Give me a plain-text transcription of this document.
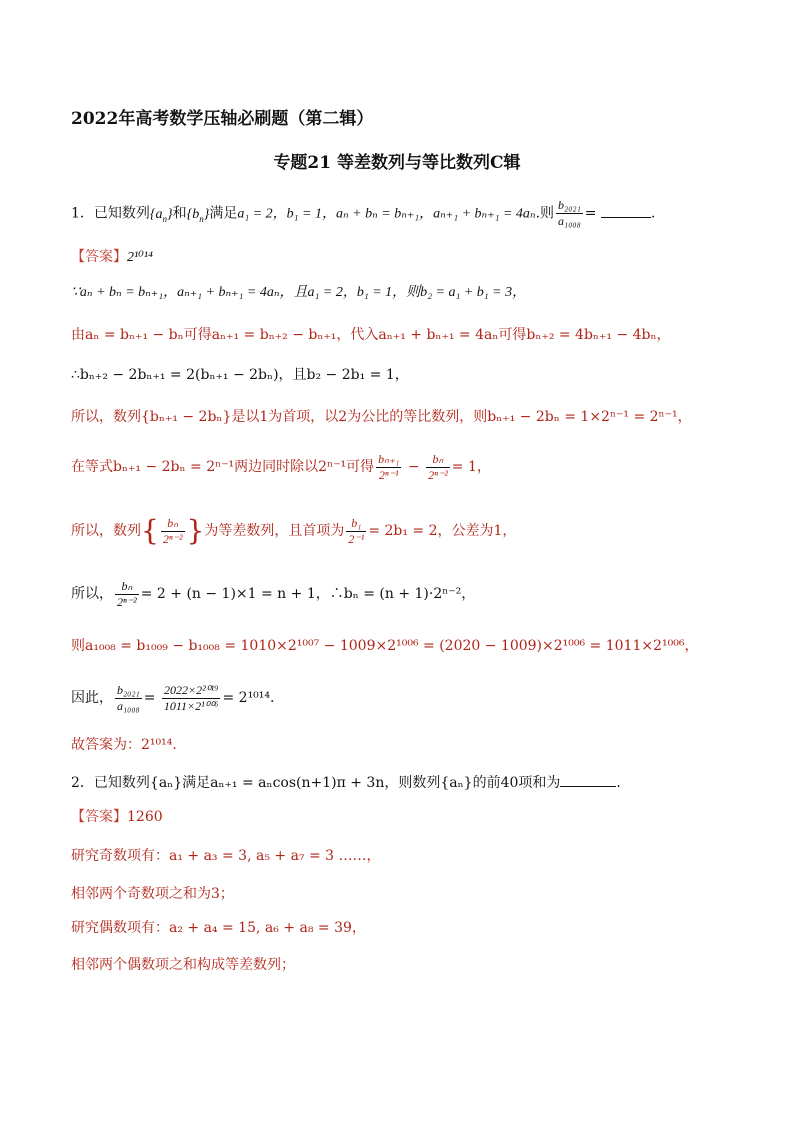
2022年高考数学压轴必刷题（第二辑）
专题21 等差数列与等比数列C辑
1．已知数列$\{a_n\}$和$\{b_n\}$满足a₁ = 2，b₁ = 1，aₙ + bₙ = bₙ₊₁，aₙ₊₁ + bₙ₊₁ = 4aₙ.则 $\frac{\text{b₂₀₂₁}}{\text{a₁₀₀₈}}$ =	.
【答案】2¹⁰¹⁴
∵aₙ + bₙ = bₙ₊₁，aₙ₊₁ + bₙ₊₁ = 4aₙ，且a₁ = 2，b₁ = 1，则b₂ = a₁ + b₁ = 3，
由aₙ = bₙ₊₁ − bₙ可得aₙ₊₁ = bₙ₊₂ − bₙ₊₁，代入aₙ₊₁ + bₙ₊₁ = 4aₙ可得bₙ₊₂ = 4bₙ₊₁ − 4bₙ，
∴bₙ₊₂ − 2bₙ₊₁ = 2(bₙ₊₁ − 2bₙ)，且b₂ − 2b₁ = 1，
所以，数列{bₙ₊₁ − 2bₙ}是以1为首项，以2为公比的等比数列，则bₙ₊₁ − 2bₙ = 1×2ⁿ⁻¹ = 2ⁿ⁻¹，
在等式bₙ₊₁ − 2bₙ = 2ⁿ⁻¹两边同时除以2ⁿ⁻¹可得 $\frac{\text{bₙ₊₁}}{\text{2ⁿ⁻¹}} - \frac{\text{bₙ}}{\text{2ⁿ⁻²}} = 1$，
所以，数列{ $\frac{\text{bₙ}}{\text{2ⁿ⁻²}}$ }为等差数列，且首项为 $\frac{\text{b₁}}{\text{2⁻¹}} = 2b_1 = 2$，公差为1，
所以， $\frac{\text{bₙ}}{\text{2ⁿ⁻²}} = 2 + (n - 1)\times 1 = n + 1$，∴bₙ = (n + 1)·2ⁿ⁻²，
则a₁₀₀₈ = b₁₀₀₉ − b₁₀₀₈ = 1010×2¹⁰⁰⁷ − 1009×2¹⁰⁰⁶ = (2020 − 1009)×2¹⁰⁰⁶ = 1011×2¹⁰⁰⁶，
因此， $\frac{\text{b₂₀₂₁}}{\text{a₁₀₀₈}} = \frac{\text{2022×2²⁰¹⁹}}{\text{1011×2¹⁰⁰⁶}} = 2^{1014}$.
故答案为：2¹⁰¹⁴.
2．已知数列{aₙ}满足aₙ₊₁ = aₙcos(n+1)π + 3n，则数列{aₙ}的前40项和为	.
【答案】1260
研究奇数项有：a₁ + a₃ = 3, a₅ + a₇ = 3 ……，
相邻两个奇数项之和为3；
研究偶数项有：a₂ + a₄ = 15, a₆ + a₈ = 39，
相邻两个偶数项之和构成等差数列；
